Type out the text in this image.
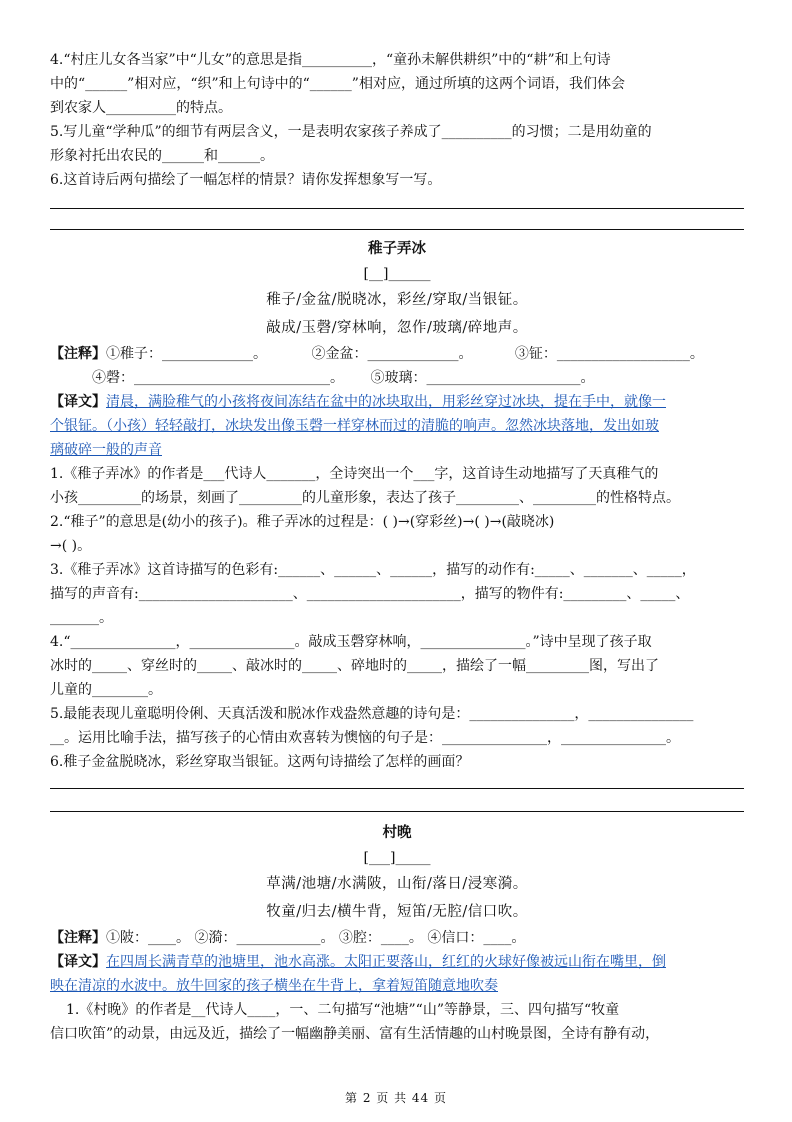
4.“村庄儿女各当家”中“儿女”的意思是指__________，“童孙未解供耕织”中的“耕”和上句诗
中的“______”相对应，“织”和上句诗中的“______”相对应，通过所填的这两个词语，我们体会
到农家人__________的特点。
5.写儿童“学种瓜”的细节有两层含义，一是表明农家孩子养成了__________的习惯；二是用幼童的
形象衬托出农民的______和______。
6.这首诗后两句描绘了一幅怎样的情景？请你发挥想象写一写。
稚子弄冰
[__]______
稚子/金盆/脱晓冰，彩丝/穿取/当银钲。
敲成/玉磬/穿林响，忽作/玻璃/碎地声。
【注释】①稚子：_____________。	②金盆：_____________。	③钲：___________________。
④磬：____________________________。 ⑤玻璃：______________________。
【译文】清晨，满脸稚气的小孩将夜间冻结在盆中的冰块取出，用彩丝穿过冰块，提在手中，就像一
个银钲。（小孩）轻轻敲打，冰块发出像玉磬一样穿林而过的清脆的响声。忽然冰块落地，发出如玻
璃破碎一般的声音
1.《稚子弄冰》的作者是___代诗人_______，全诗突出一个___字，这首诗生动地描写了天真稚气的
小孩_________的场景，刻画了_________的儿童形象，表达了孩子_________、_________的性格特点。
2.“稚子”的意思是(幼小的孩子)。稚子弄冰的过程是：( )→(穿彩丝)→( )→(敲晓冰)
→( )。
3.《稚子弄冰》这首诗描写的色彩有:______、______、______，描写的动作有:_____、_______、_____，
描写的声音有:______________________、______________________，描写的物件有:_________、_____、
_______。
4.“_______________，_______________。敲成玉磬穿林响，_______________。”诗中呈现了孩子取
冰时的_____、穿丝时的_____、敲冰时的_____、碎地时的_____，描绘了一幅_________图，写出了
儿童的________。
5.最能表现儿童聪明伶俐、天真活泼和脱冰作戏盎然意趣的诗句是：_______________，_______________
__。运用比喻手法，描写孩子的心情由欢喜转为懊恼的句子是：_______________，_______________。
6.稚子金盆脱晓冰，彩丝穿取当银钲。这两句诗描绘了怎样的画面？
村晚
[___]_____
草满/池塘/水满陂，山衔/落日/浸寒漪。
牧童/归去/横牛背，短笛/无腔/信口吹。
【注释】①陂：____。 ②漪：____________。 ③腔：____。 ④信口：____。
【译文】在四周长满青草的池塘里，池水高涨。太阳正要落山，红红的火球好像被远山衔在嘴里，倒
映在清凉的水波中。放牛回家的孩子横坐在牛背上，拿着短笛随意地吹奏
1.《村晚》的作者是__代诗人____，一、二句描写“池塘”“山”等静景，三、四句描写“牧童
信口吹笛”的动景，由远及近，描绘了一幅幽静美丽、富有生活情趣的山村晚景图，全诗有静有动，
第 2 页 共 44 页
